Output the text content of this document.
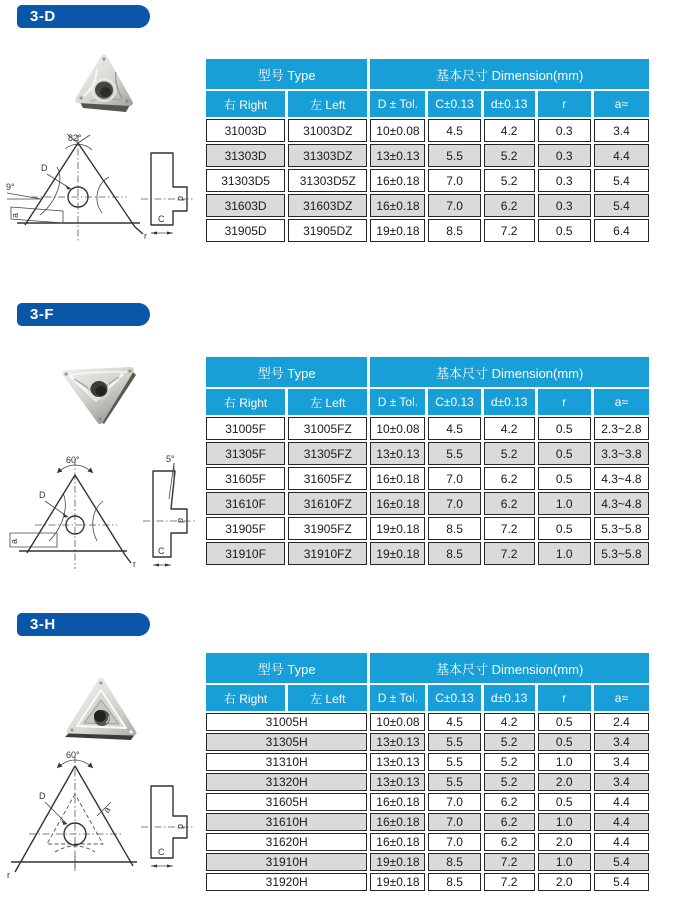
3-D
82°
9°
D
a
r
d
C
型号 Type		基本尺寸 Dimension(mm)				
右 Right	左 Left	D ± Tol.	C±0.13	d±0.13	r	a≈
31003D	31003DZ	10±0.08	4.5	4.2	0.3	3.4
31303D	31303DZ	13±0.13	5.5	5.2	0.3	4.4
31303D5	31303D5Z	16±0.18	7.0	5.2	0.3	5.4
31603D	31603DZ	16±0.18	7.0	6.2	0.3	5.4
31905D	31905DZ	19±0.18	8.5	7.2	0.5	6.4
3-F
60°
D
a
r
5°
d
C
型号 Type		基本尺寸 Dimension(mm)				
右 Right	左 Left	D ± Tol.	C±0.13	d±0.13	r	a≈
31005F	31005FZ	10±0.08	4.5	4.2	0.5	2.3~2.8
31305F	31305FZ	13±0.13	5.5	5.2	0.5	3.3~3.8
31605F	31605FZ	16±0.18	7.0	6.2	0.5	4.3~4.8
31610F	31610FZ	16±0.18	7.0	6.2	1.0	4.3~4.8
31905F	31905FZ	19±0.18	8.5	7.2	0.5	5.3~5.8
31910F	31910FZ	19±0.18	8.5	7.2	1.0	5.3~5.8
3-H
60°
D
a
r
d
C
型号 Type		基本尺寸 Dimension(mm)				
右 Right	左 Left	D ± Tol.	C±0.13	d±0.13	r	a≈
31005H		10±0.08	4.5	4.2	0.5	2.4
31305H		13±0.13	5.5	5.2	0.5	3.4
31310H		13±0.13	5.5	5.2	1.0	3.4
31320H		13±0.13	5.5	5.2	2.0	3.4
31605H		16±0.18	7.0	6.2	0.5	4.4
31610H		16±0.18	7.0	6.2	1.0	4.4
31620H		16±0.18	7.0	6.2	2.0	4.4
31910H		19±0.18	8.5	7.2	1.0	5.4
31920H		19±0.18	8.5	7.2	2.0	5.4
